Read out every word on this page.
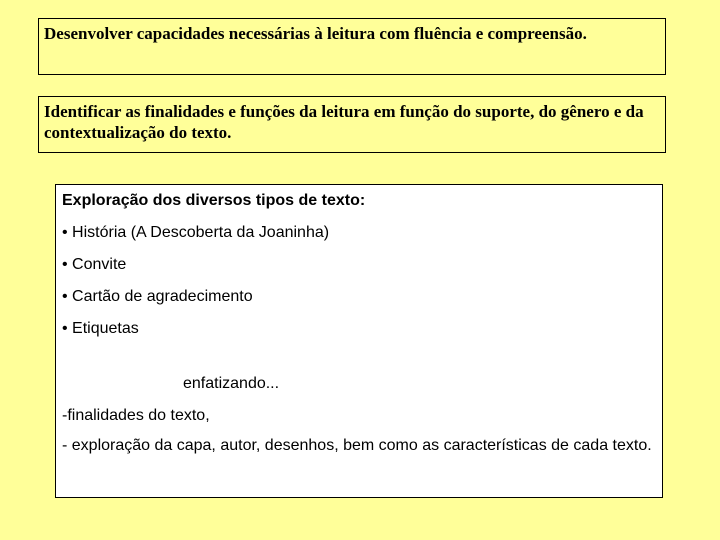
Desenvolver capacidades necessárias à leitura com fluência e compreensão.
Identificar as finalidades e funções da leitura em função do suporte, do gênero e da contextualização do texto.

Exploração dos diversos tipos de texto:

• História (A Descoberta da Joaninha)

• Convite

• Cartão de agradecimento

• Etiquetas

enfatizando...

-finalidades do texto,

- exploração da capa, autor, desenhos, bem como as características de cada texto.
